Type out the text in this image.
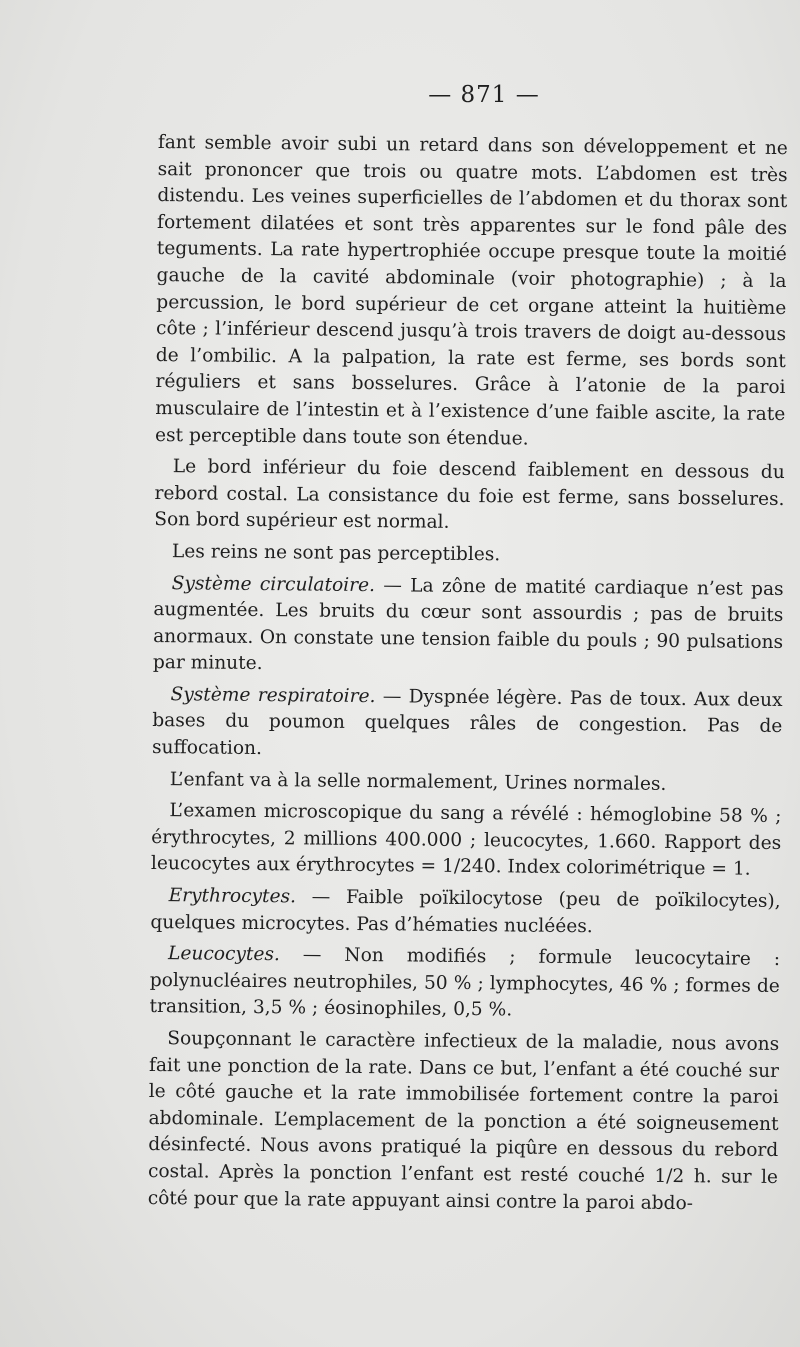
— 871 —

fant semble avoir subi un retard dans son développement et ne sait prononcer que trois ou quatre mots. L’abdomen est très distendu. Les veines superficielles de l’abdomen et du thorax sont fortement dilatées et sont très apparentes sur le fond pâle des teguments. La rate hypertrophiée occupe presque toute la moitié gauche de la cavité abdominale (voir photographie) ; à la percussion, le bord supérieur de cet organe atteint la huitième côte ; l’inférieur descend jusqu’à trois travers de doigt au-dessous de l’ombilic. A la palpation, la rate est ferme, ses bords sont réguliers et sans bosselures. Grâce à l’atonie de la paroi musculaire de l’intestin et à l’existence d’une faible ascite, la rate est perceptible dans toute son étendue.

Le bord inférieur du foie descend faiblement en dessous du rebord costal. La consistance du foie est ferme, sans bosselures. Son bord supérieur est normal.

Les reins ne sont pas perceptibles.

Système circulatoire. — La zône de matité cardiaque n’est pas augmentée. Les bruits du cœur sont assourdis ; pas de bruits anormaux. On constate une tension faible du pouls ; 90 pulsations par minute.

Système respiratoire. — Dyspnée légère. Pas de toux. Aux deux bases du poumon quelques râles de congestion. Pas de suffocation.

L’enfant va à la selle normalement, Urines normales.

L’examen microscopique du sang a révélé : hémoglobine 58 % ; érythrocytes, 2 millions 400.000 ; leucocytes, 1.660. Rapport des leucocytes aux érythrocytes = 1/240. Index colorimétrique = 1.

Erythrocytes. — Faible poïkilocytose (peu de poïkilocytes), quelques microcytes. Pas d’hématies nucléées.

Leucocytes. — Non modifiés ; formule leucocytaire : polynucléaires neutrophiles, 50 % ; lymphocytes, 46 % ; formes de transition, 3,5 % ; éosinophiles, 0,5 %.

Soupçonnant le caractère infectieux de la maladie, nous avons fait une ponction de la rate. Dans ce but, l’enfant a été couché sur le côté gauche et la rate immobilisée fortement contre la paroi abdominale. L’emplacement de la ponction a été soigneusement désinfecté. Nous avons pratiqué la piqûre en dessous du rebord costal. Après la ponction l’enfant est resté couché 1/2 h. sur le côté pour que la rate appuyant ainsi contre la paroi abdo-
